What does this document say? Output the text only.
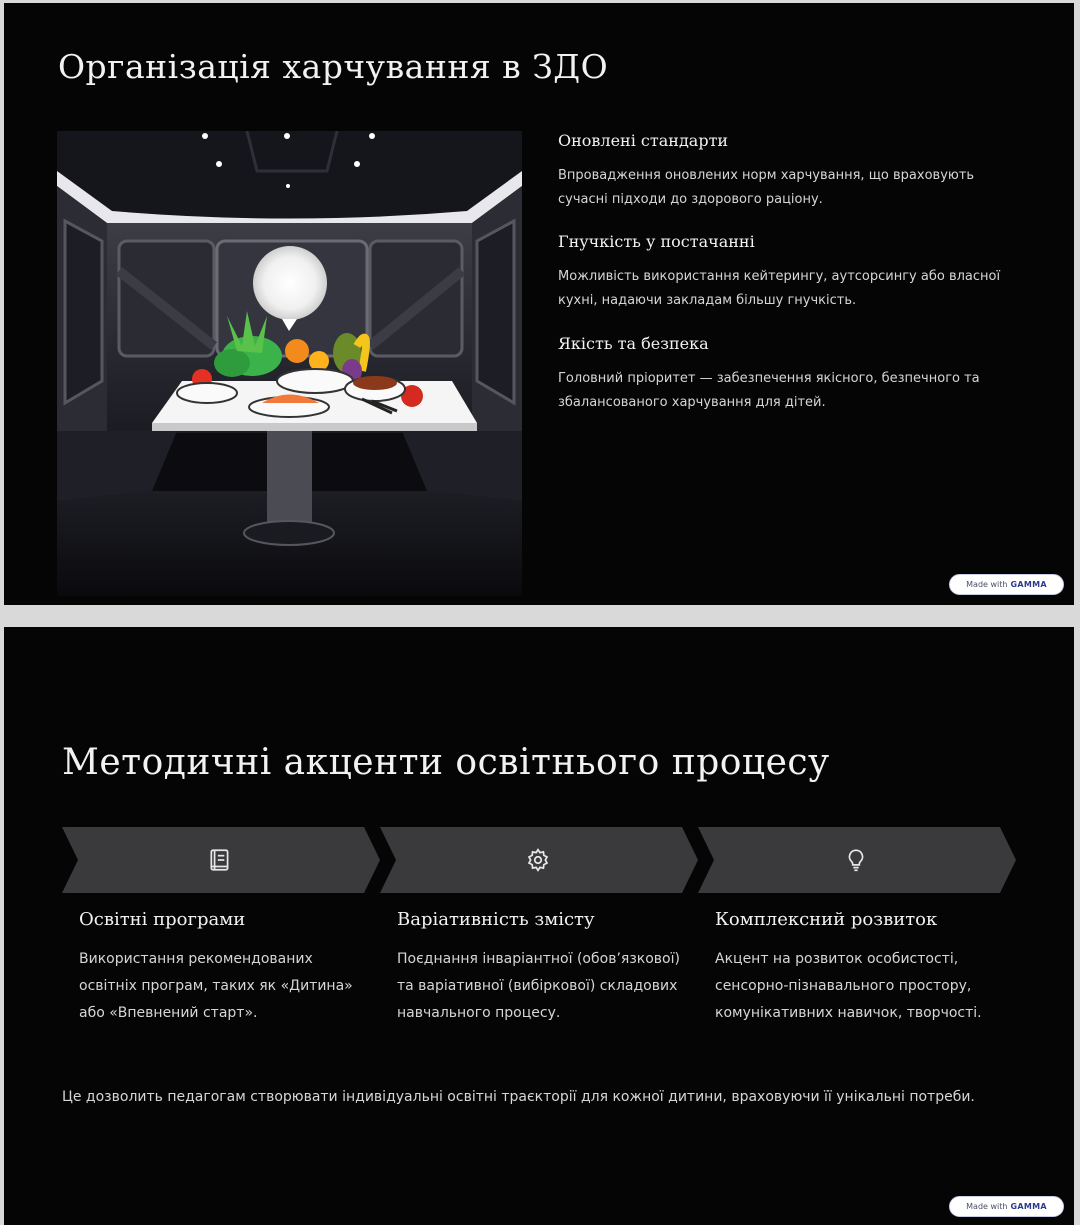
Організація харчування в ЗДО
Оновлені стандарти

Впровадження оновлених норм харчування, що враховують сучасні підходи до здорового раціону.

Гнучкість у постачанні

Можливість використання кейтерингу, аутсорсингу або власної кухні, надаючи закладам більшу гнучкість.

Якість та безпека

Головний пріоритет — забезпечення якісного, безпечного та збалансованого харчування для дітей.

Made with GAMMA
Методичні акценти освітнього процесу
Освітні програми

Використання рекомендованих освітніх програм, таких як «Дитина» або «Впевнений старт».

Варіативність змісту

Поєднання інваріантної (обов’язкової) та варіативної (вибіркової) складових навчального процесу.

Комплексний розвиток

Акцент на розвиток особистості, сенсорно-пізнавального простору, комунікативних навичок, творчості.

Це дозволить педагогам створювати індивідуальні освітні траєкторії для кожної дитини, враховуючи її унікальні потреби.

Made with GAMMA
